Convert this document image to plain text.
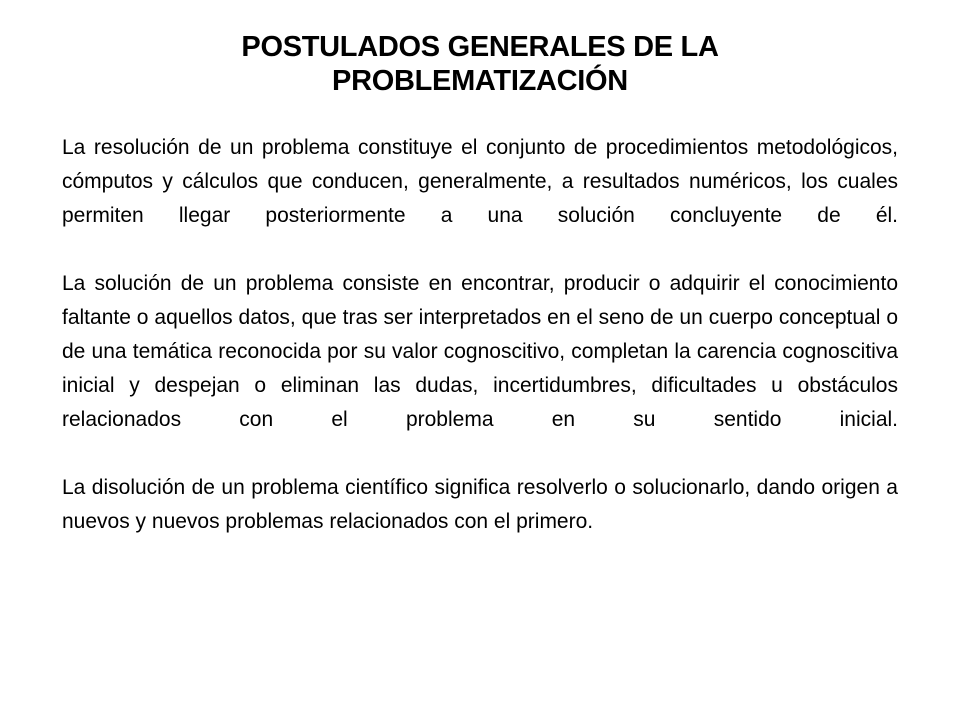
POSTULADOS GENERALES DE LA
PROBLEMATIZACIÓN

La resolución de un problema constituye el conjunto de procedimientos metodológicos, cómputos y cálculos que conducen, generalmente, a resultados numéricos, los cuales permiten llegar posteriormente a una solución concluyente de él.

La solución de un problema consiste en encontrar, producir o adquirir el conocimiento faltante o aquellos datos, que tras ser interpretados en el seno de un cuerpo conceptual o de una temática reconocida por su valor cognoscitivo, completan la carencia cognoscitiva inicial y despejan o eliminan las dudas, incertidumbres, dificultades u obstáculos relacionados con el problema en su sentido inicial.

La disolución de un problema científico significa resolverlo o solucionarlo, dando origen a nuevos y nuevos problemas relacionados con el primero.
